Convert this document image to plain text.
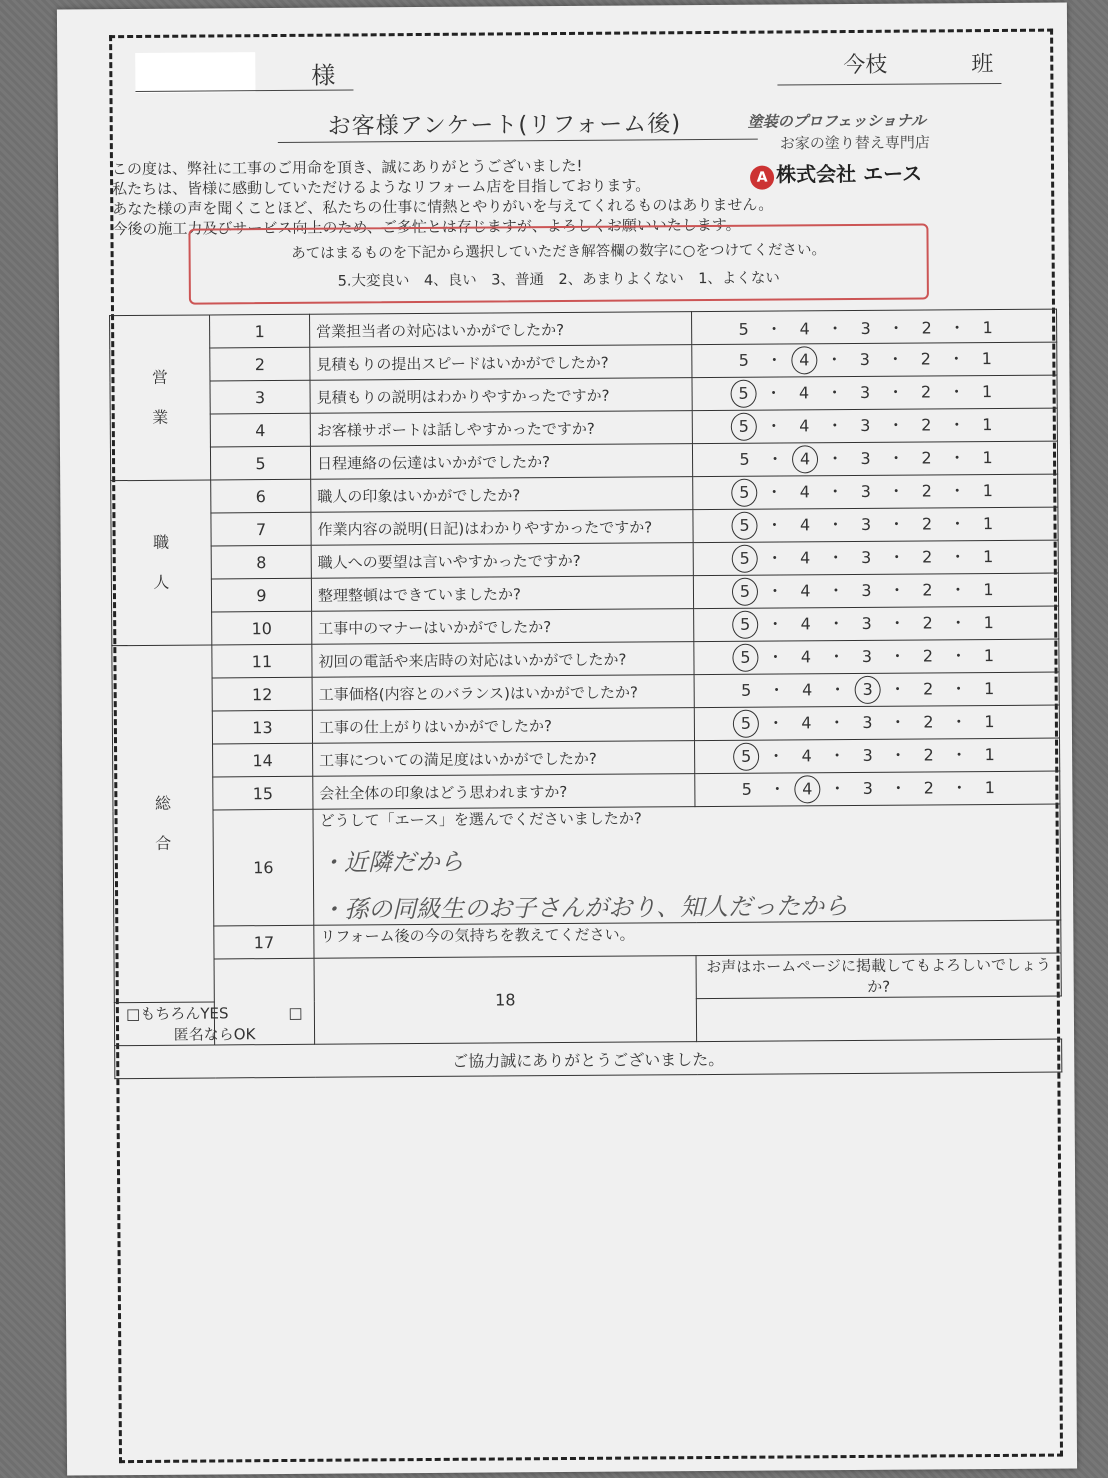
様	今枝	班
お客様アンケート(リフォーム後)	塗装のプロフェッショナル
お家の塗り替え専門店
A 株式会社 エース
この度は、弊社に工事のご用命を頂き、誠にありがとうございました!
私たちは、皆様に感動していただけるようなリフォーム店を目指しております。
あなた様の声を聞くことほど、私たちの仕事に情熱とやりがいを与えてくれるものはありません。
今後の施工力及びサービス向上のため、ご多忙とは存じますが、よろしくお願いいたします。
あてはまるものを下記から選択していただき解答欄の数字に○をつけてください。
5.大変良い　4、良い　3、普通　2、あまりよくない　1、よくない
営
業	1	営業担当者の対応はいかがでしたか?	5 ・ 4 ・ 3 ・ 2 ・ 1
	2	見積もりの提出スピードはいかがでしたか?	5 ・ 4 ・ 3 ・ 2 ・ 1
	3	見積もりの説明はわかりやすかったですか?	5 ・ 4 ・ 3 ・ 2 ・ 1
	4	お客様サポートは話しやすかったですか?	5 ・ 4 ・ 3 ・ 2 ・ 1
	5	日程連絡の伝達はいかがでしたか?	5 ・ 4 ・ 3 ・ 2 ・ 1

職
人	6	職人の印象はいかがでしたか?	5 ・ 4 ・ 3 ・ 2 ・ 1
	7	作業内容の説明(日記)はわかりやすかったですか?	5 ・ 4 ・ 3 ・ 2 ・ 1
	8	職人への要望は言いやすかったですか?	5 ・ 4 ・ 3 ・ 2 ・ 1
	9	整理整頓はできていましたか?	5 ・ 4 ・ 3 ・ 2 ・ 1
	10	工事中のマナーはいかがでしたか?	5 ・ 4 ・ 3 ・ 2 ・ 1

総
合	11	初回の電話や来店時の対応はいかがでしたか?	5 ・ 4 ・ 3 ・ 2 ・ 1
	12	工事価格(内容とのバランス)はいかがでしたか?	5 ・ 4 ・ 3 ・ 2 ・ 1
	13	工事の仕上がりはいかがでしたか?	5 ・ 4 ・ 3 ・ 2 ・ 1
	14	工事についての満足度はいかがでしたか?	5 ・ 4 ・ 3 ・ 2 ・ 1
	15	会社全体の印象はどう思われますか?	5 ・ 4 ・ 3 ・ 2 ・ 1
	16	どうして「エース」を選んでくださいましたか?
・近隣だから
・孫の同級生のお子さんがおり、知人だったから	

	17	リフォーム後の今の気持ちを教えてください。	

		18	お声はホームページに掲載してもよろしいでしょうか?
□もちろんYES □匿名ならOK			
ご協力誠にありがとうございました。			
